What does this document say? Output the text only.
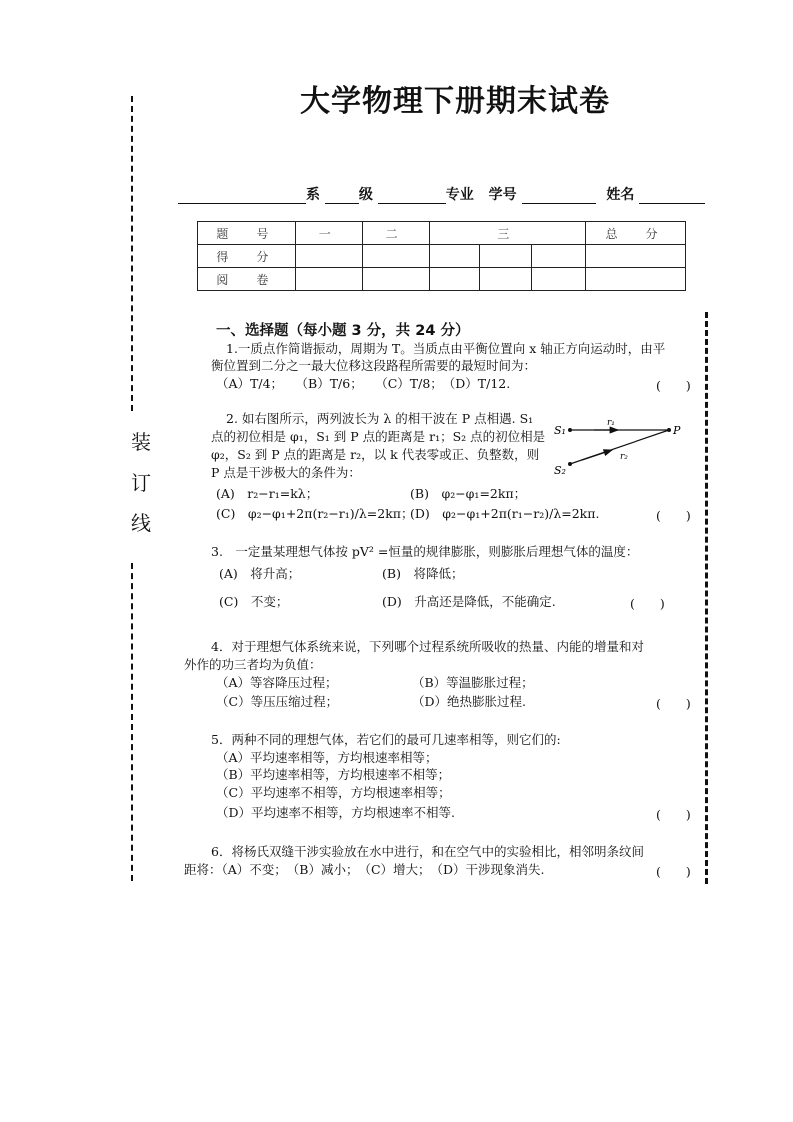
大学物理下册期末试卷
装
订
线
系	级	专业 学号	姓名
题　号	一	二	三			总　分
得　分						
阅　卷						
一、选择题（每小题 3 分，共 24 分）
1.一质点作简谐振动，周期为 T。当质点由平衡位置向 x 轴正方向运动时，由平
衡位置到二分之一最大位移这段路程所需要的最短时间为：
（A）T/4；　　（B）T/6；　　（C）T/8；　（D）T/12.	(　　)
2. 如右图所示，两列波长为 λ 的相干波在 P 点相遇. S₁
点的初位相是 φ₁，S₁ 到 P 点的距离是 r₁；S₂ 点的初位相是
φ₂，S₂ 到 P 点的距离是 r₂，以 k 代表零或正、负整数，则
P 点是干涉极大的条件为：
(A)　r₂−r₁=kλ；	(B)　φ₂−φ₁=2kπ；
(C)　φ₂−φ₁+2π(r₂−r₁)/λ=2kπ；
(D)　φ₂−φ₁+2π(r₁−r₂)/λ=2kπ.	(　　)
S₁
S₂
P
r₁
r₂
3.　一定量某理想气体按 pV² =恒量的规律膨胀，则膨胀后理想气体的温度：
(A)　将升高；	(B)　将降低；
(C)　不变；	(D)　升高还是降低，不能确定.	(　　)
4．对于理想气体系统来说，下列哪个过程系统所吸收的热量、内能的增量和对
外作的功三者均为负值：
（A）等容降压过程；	（B）等温膨胀过程；
（C）等压压缩过程；	（D）绝热膨胀过程.	(　　)
5．两种不同的理想气体，若它们的最可几速率相等，则它们的:
（A）平均速率相等，方均根速率相等；
（B）平均速率相等，方均根速率不相等；
（C）平均速率不相等，方均根速率相等；
（D）平均速率不相等，方均根速率不相等.	(　　)
6．将杨氏双缝干涉实验放在水中进行，和在空气中的实验相比，相邻明条纹间
距将：（A）不变；　（B）减小；　（C）增大；　（D）干涉现象消失.	(　　)
